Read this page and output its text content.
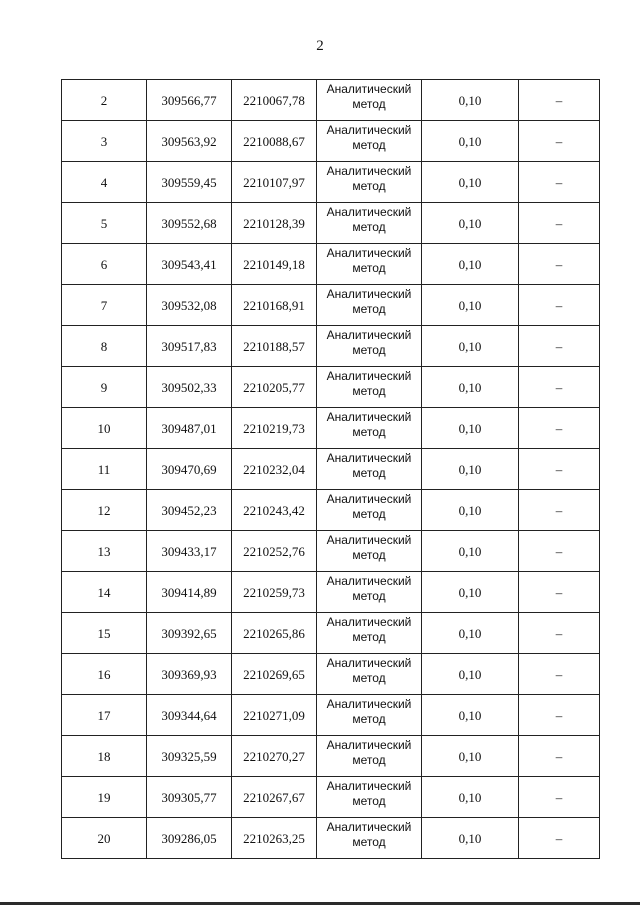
2
2	309566,77	2210067,78	Аналитический метод	0,10	–
3	309563,92	2210088,67	Аналитический метод	0,10	–
4	309559,45	2210107,97	Аналитический метод	0,10	–
5	309552,68	2210128,39	Аналитический метод	0,10	–
6	309543,41	2210149,18	Аналитический метод	0,10	–
7	309532,08	2210168,91	Аналитический метод	0,10	–
8	309517,83	2210188,57	Аналитический метод	0,10	–
9	309502,33	2210205,77	Аналитический метод	0,10	–
10	309487,01	2210219,73	Аналитический метод	0,10	–
11	309470,69	2210232,04	Аналитический метод	0,10	–
12	309452,23	2210243,42	Аналитический метод	0,10	–
13	309433,17	2210252,76	Аналитический метод	0,10	–
14	309414,89	2210259,73	Аналитический метод	0,10	–
15	309392,65	2210265,86	Аналитический метод	0,10	–
16	309369,93	2210269,65	Аналитический метод	0,10	–
17	309344,64	2210271,09	Аналитический метод	0,10	–
18	309325,59	2210270,27	Аналитический метод	0,10	–
19	309305,77	2210267,67	Аналитический метод	0,10	–
20	309286,05	2210263,25	Аналитический метод	0,10	–
